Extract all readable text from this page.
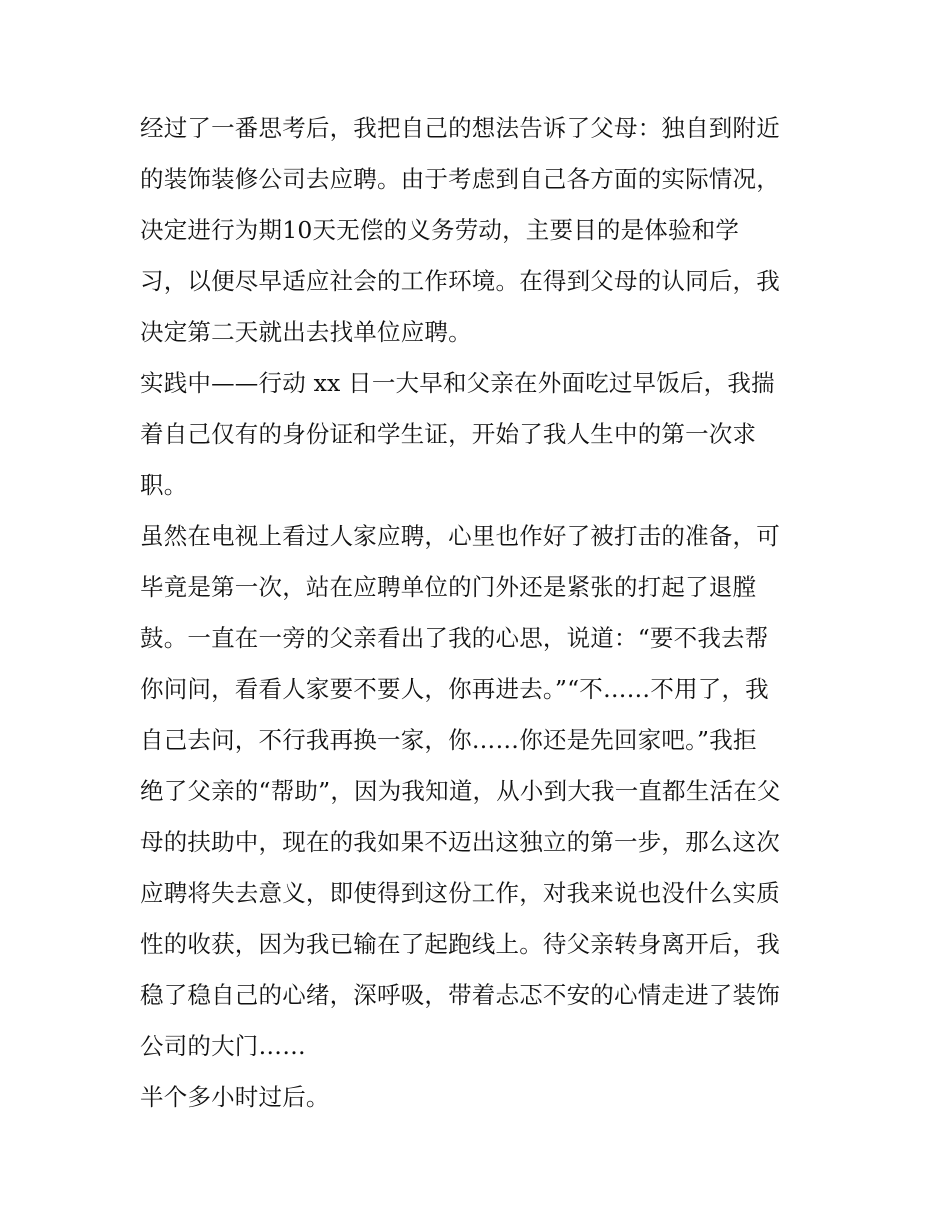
经过了一番思考后，我把自己的想法告诉了父母：独自到附近
的装饰装修公司去应聘。由于考虑到自己各方面的实际情况，
决定进行为期10天无偿的义务劳动，主要目的是体验和学
习，以便尽早适应社会的工作环境。在得到父母的认同后，我
决定第二天就出去找单位应聘。
实践中——行动 xx 日一大早和父亲在外面吃过早饭后，我揣
着自己仅有的身份证和学生证，开始了我人生中的第一次求
职。
虽然在电视上看过人家应聘，心里也作好了被打击的准备，可
毕竟是第一次，站在应聘单位的门外还是紧张的打起了退膛
鼓。一直在一旁的父亲看出了我的心思，说道：“要不我去帮
你问问，看看人家要不要人，你再进去。”“不……不用了，我
自己去问，不行我再换一家，你……你还是先回家吧。”我拒
绝了父亲的“帮助”，因为我知道，从小到大我一直都生活在父
母的扶助中，现在的我如果不迈出这独立的第一步，那么这次
应聘将失去意义，即使得到这份工作，对我来说也没什么实质
性的收获，因为我已输在了起跑线上。待父亲转身离开后，我
稳了稳自己的心绪，深呼吸，带着忐忑不安的心情走进了装饰
公司的大门……
半个多小时过后。
